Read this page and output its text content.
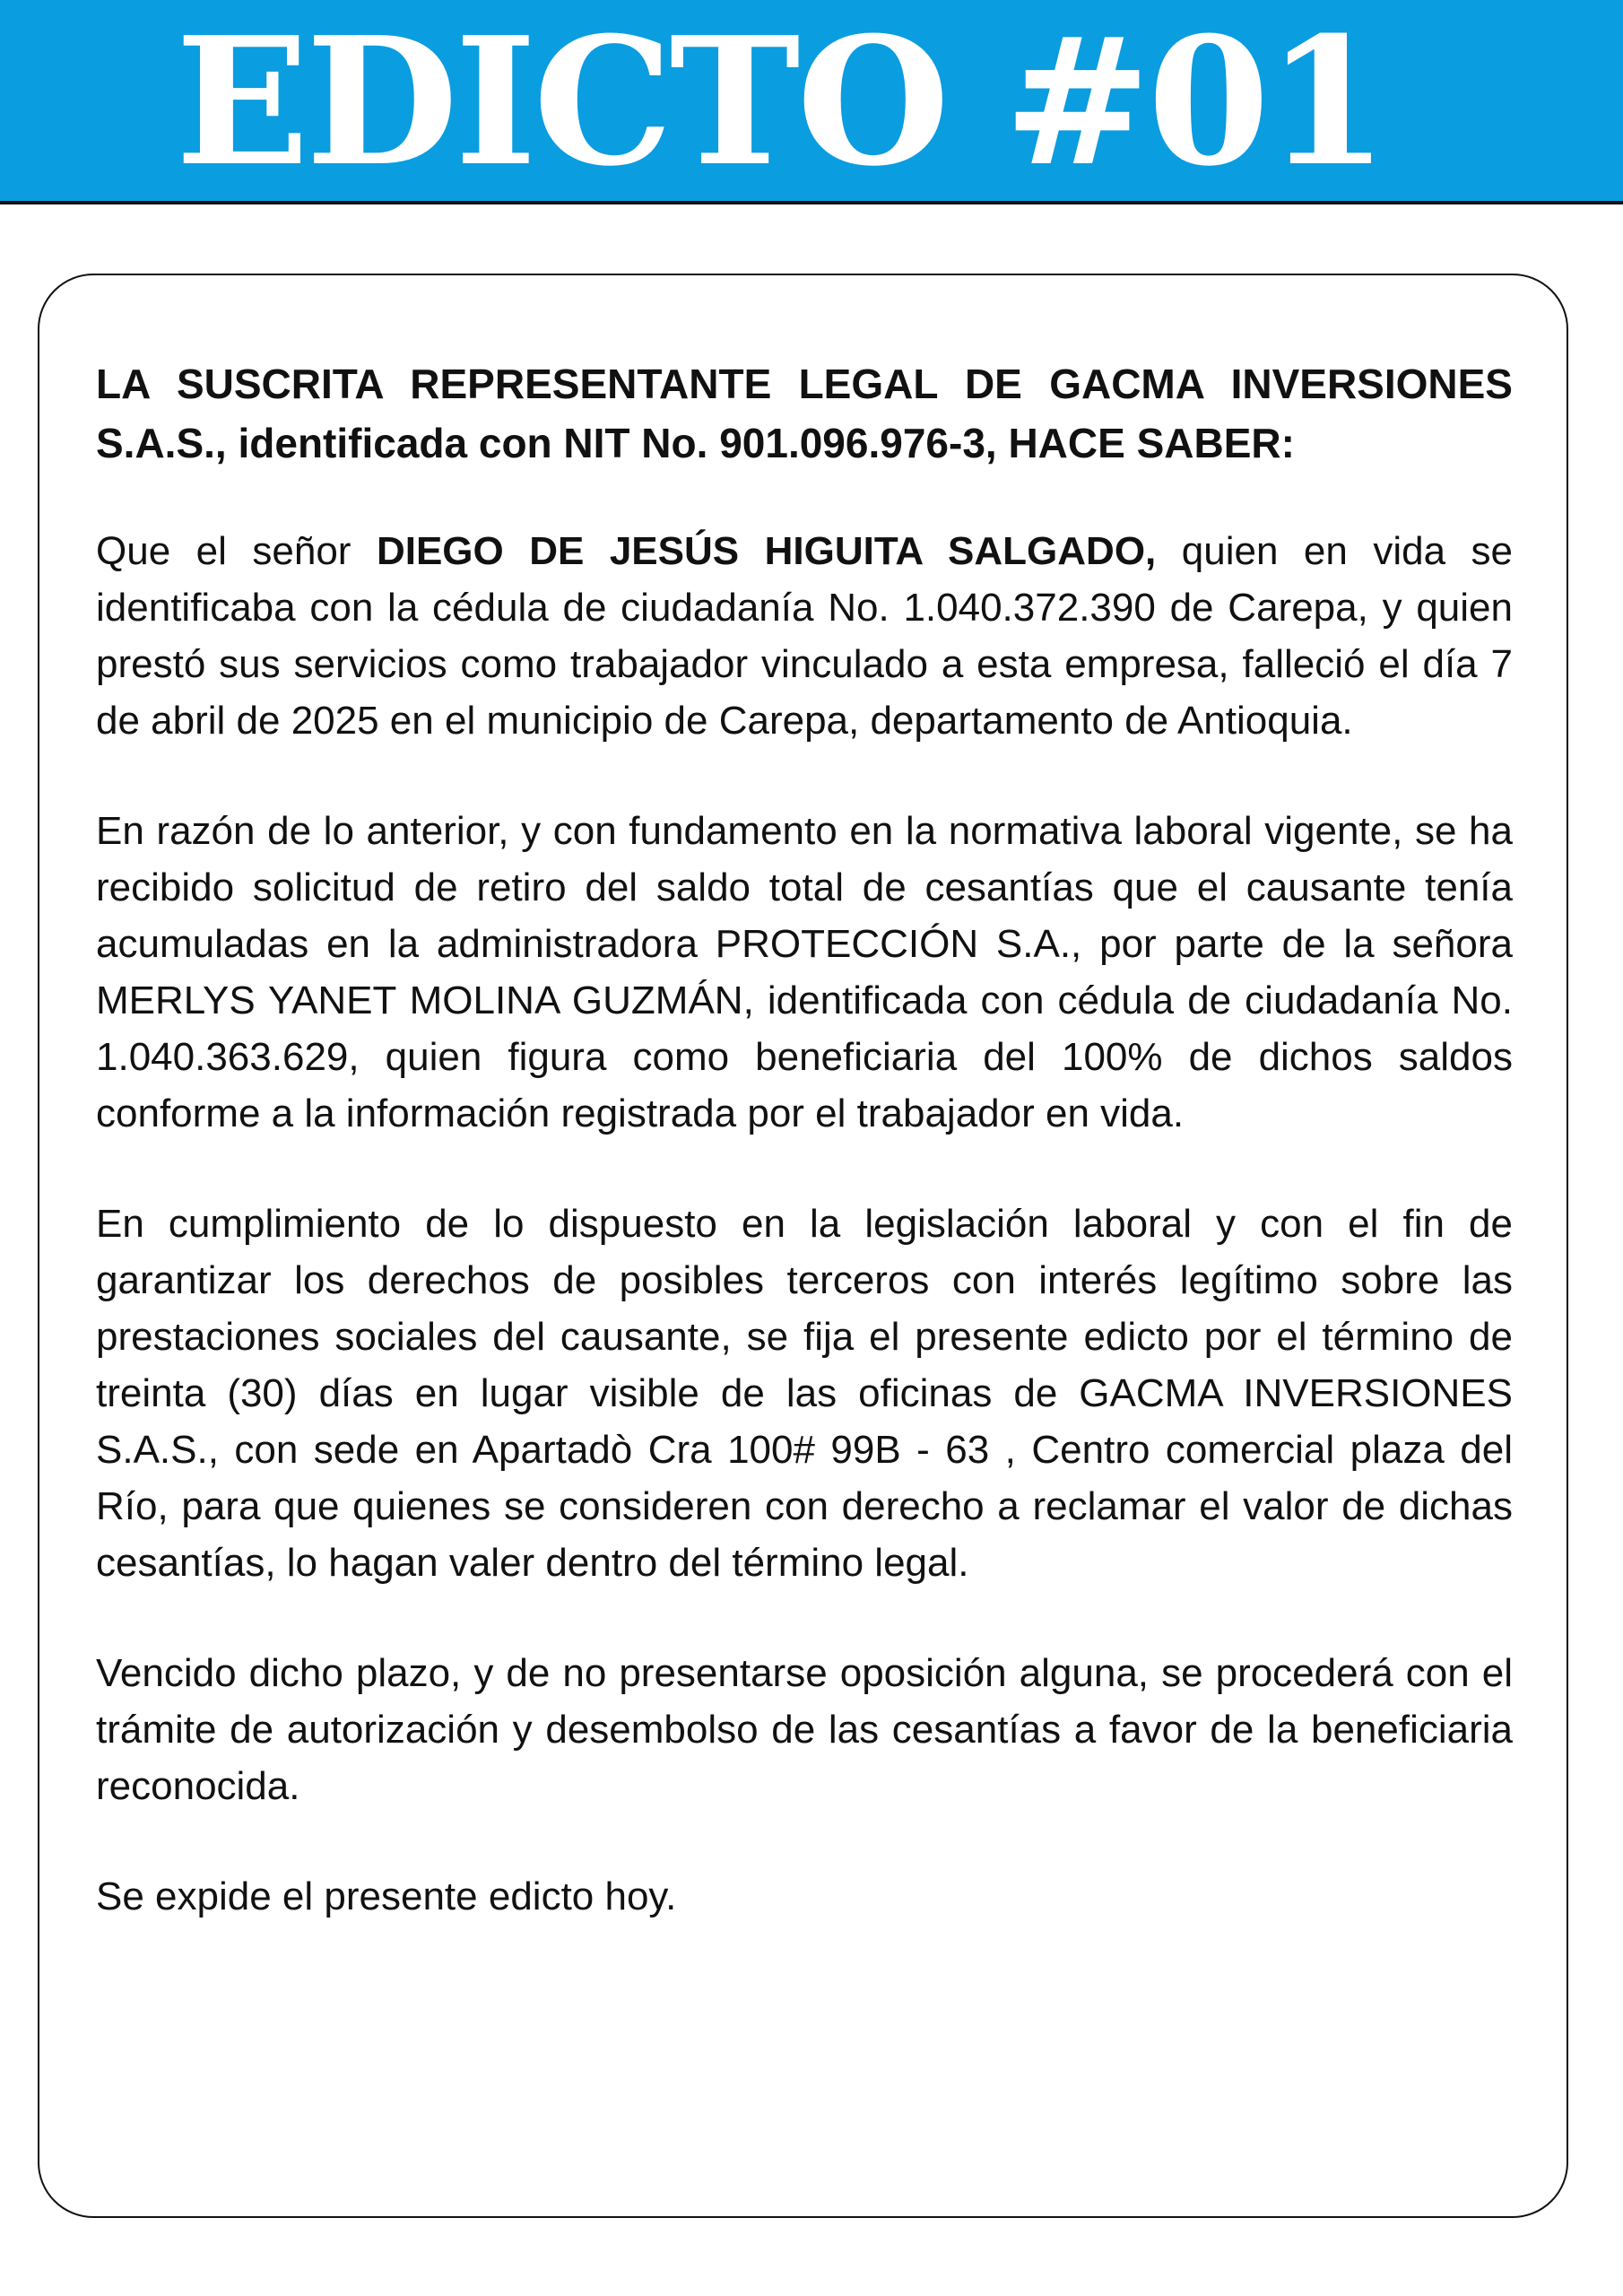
EDICTO #01

LA SUSCRITA REPRESENTANTE LEGAL DE GACMA INVERSIONES S.A.S., identificada con NIT No. 901.096.976-3, HACE SABER:

Que el señor DIEGO DE JESÚS HIGUITA SALGADO, quien en vida se identificaba con la cédula de ciudadanía No. 1.040.372.390 de Carepa, y quien prestó sus servicios como trabajador vinculado a esta empresa, falleció el día 7 de abril de 2025 en el municipio de Carepa, departamento de Antioquia.

En razón de lo anterior, y con fundamento en la normativa laboral vigente, se ha recibido solicitud de retiro del saldo total de cesantías que el causante tenía acumuladas en la administradora PROTECCIÓN S.A., por parte de la señora MERLYS YANET MOLINA GUZMÁN, identificada con cédula de ciudadanía No. 1.040.363.629, quien figura como beneficiaria del 100% de dichos saldos conforme a la información registrada por el trabajador en vida.

En cumplimiento de lo dispuesto en la legislación laboral y con el fin de garantizar los derechos de posibles terceros con interés legítimo sobre las prestaciones sociales del causante, se fija el presente edicto por el término de treinta (30) días en lugar visible de las oficinas de GACMA INVERSIONES S.A.S., con sede en Apartadò Cra 100# 99B - 63 , Centro comercial plaza del Río, para que quienes se consideren con derecho a reclamar el valor de dichas cesantías, lo hagan valer dentro del término legal.

Vencido dicho plazo, y de no presentarse oposición alguna, se procederá con el trámite de autorización y desembolso de las cesantías a favor de la beneficiaria reconocida.

Se expide el presente edicto hoy.
